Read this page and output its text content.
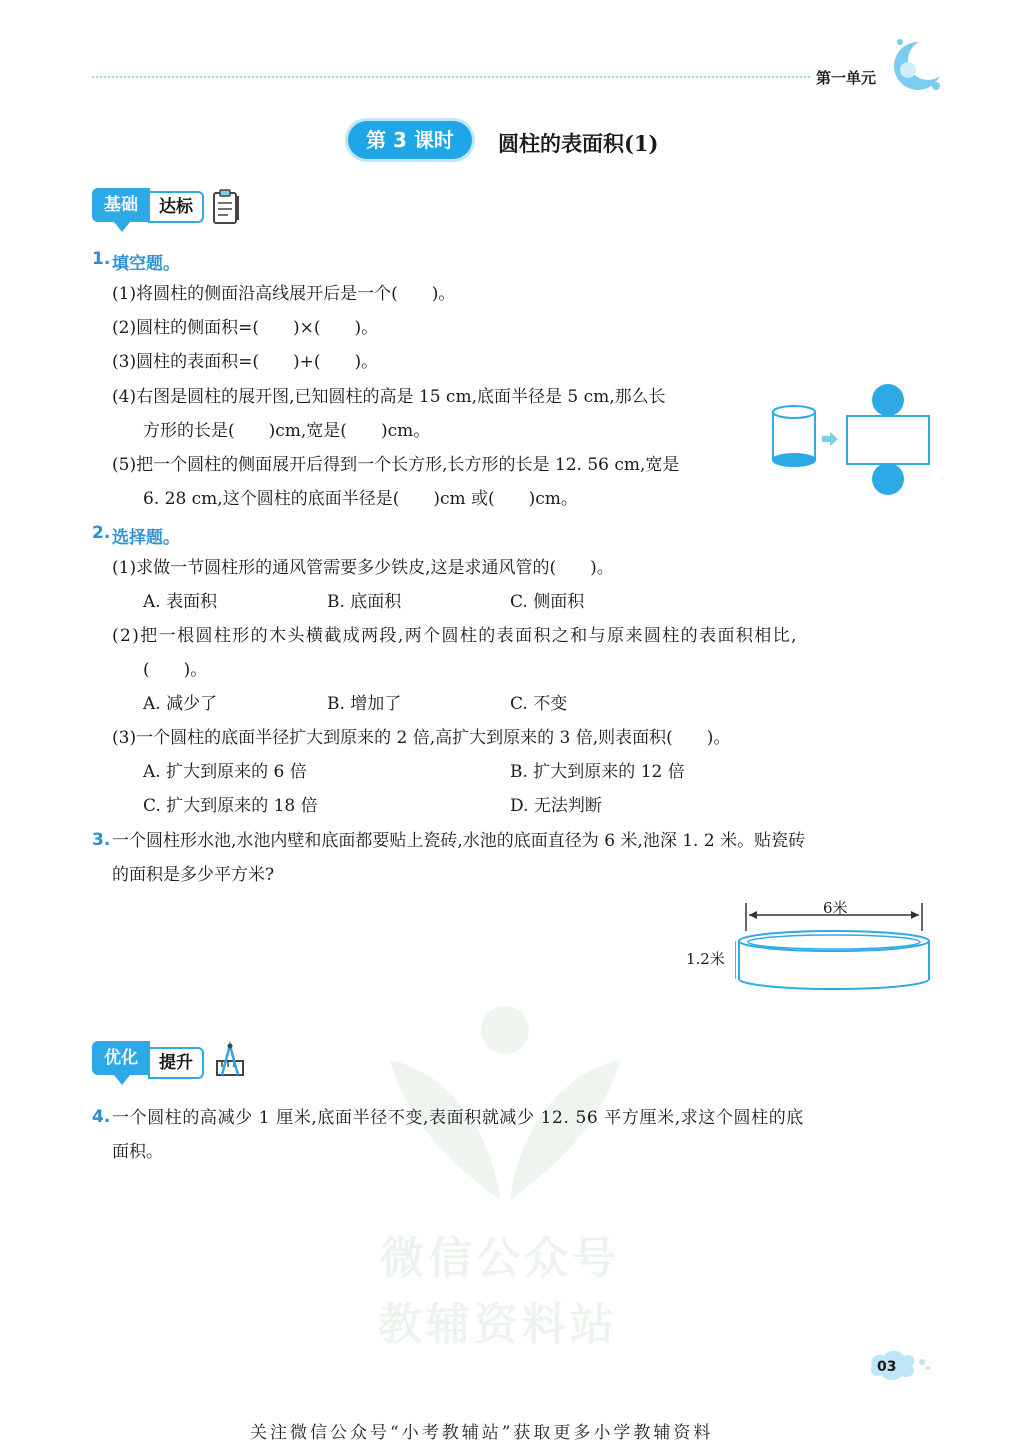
第一单元
第 3 课时	圆柱的表面积(1)
基础	达标
1. 填空题。
(1)将圆柱的侧面沿高线展开后是一个(　　)。
(2)圆柱的侧面积=(　　)×(　　)。
(3)圆柱的表面积=(　　)+(　　)。
(4)右图是圆柱的展开图,已知圆柱的高是 15 cm,底面半径是 5 cm,那么长
方形的长是(　　)cm,宽是(　　)cm。
(5)把一个圆柱的侧面展开后得到一个长方形,长方形的长是 12. 56 cm,宽是
6. 28 cm,这个圆柱的底面半径是(　　)cm 或(　　)cm。
2. 选择题。
(1)求做一节圆柱形的通风管需要多少铁皮,这是求通风管的(　　)。
A. 表面积	B. 底面积	C. 侧面积
(2)把一根圆柱形的木头横截成两段,两个圆柱的表面积之和与原来圆柱的表面积相比,
(　　)。
A. 减少了	B. 增加了	C. 不变
(3)一个圆柱的底面半径扩大到原来的 2 倍,高扩大到原来的 3 倍,则表面积(　　)。
A. 扩大到原来的 6 倍	B. 扩大到原来的 12 倍
C. 扩大到原来的 18 倍	D. 无法判断
3. 一个圆柱形水池,水池内壁和底面都要贴上瓷砖,水池的底面直径为 6 米,池深 1. 2 米。贴瓷砖
的面积是多少平方米?
6米
1.2米
微信公众号
教辅资料站
优化	提升
4. 一个圆柱的高减少 1 厘米,底面半径不变,表面积就减少 12. 56 平方厘米,求这个圆柱的底
面积。
03
关注微信公众号“小考教辅站”获取更多小学教辅资料
